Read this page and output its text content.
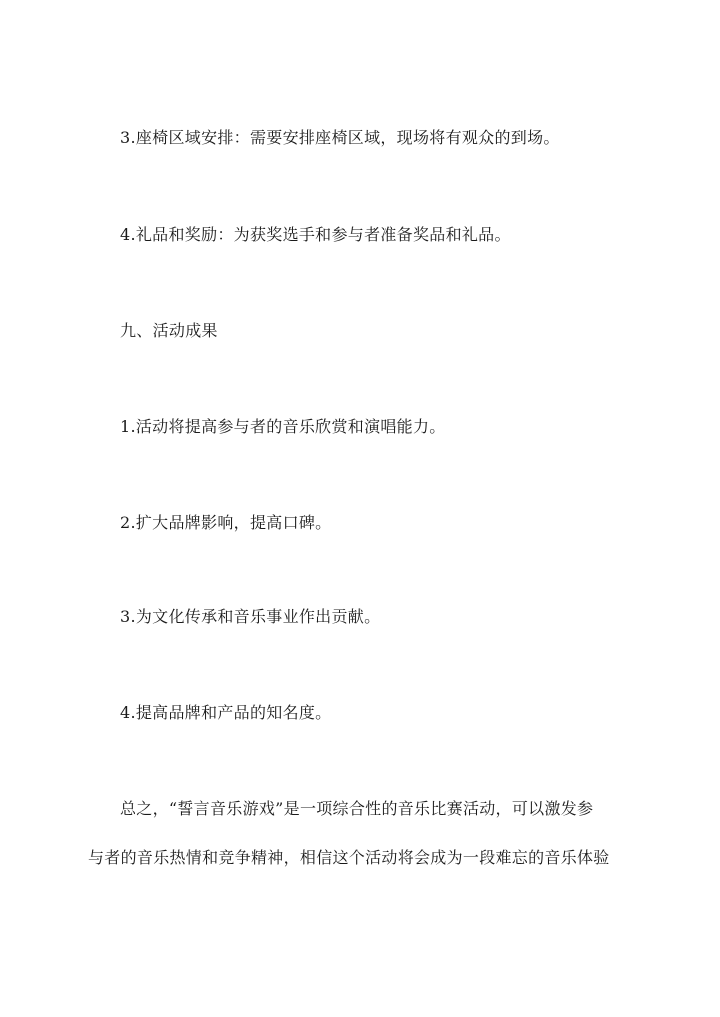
3.座椅区域安排：需要安排座椅区域，现场将有观众的到场。
4.礼品和奖励：为获奖选手和参与者准备奖品和礼品。
九、活动成果
1.活动将提高参与者的音乐欣赏和演唱能力。
2.扩大品牌影响，提高口碑。
3.为文化传承和音乐事业作出贡献。
4.提高品牌和产品的知名度。
总之，“誓言音乐游戏”是一项综合性的音乐比赛活动，可以激发参
与者的音乐热情和竞争精神，相信这个活动将会成为一段难忘的音乐体验
